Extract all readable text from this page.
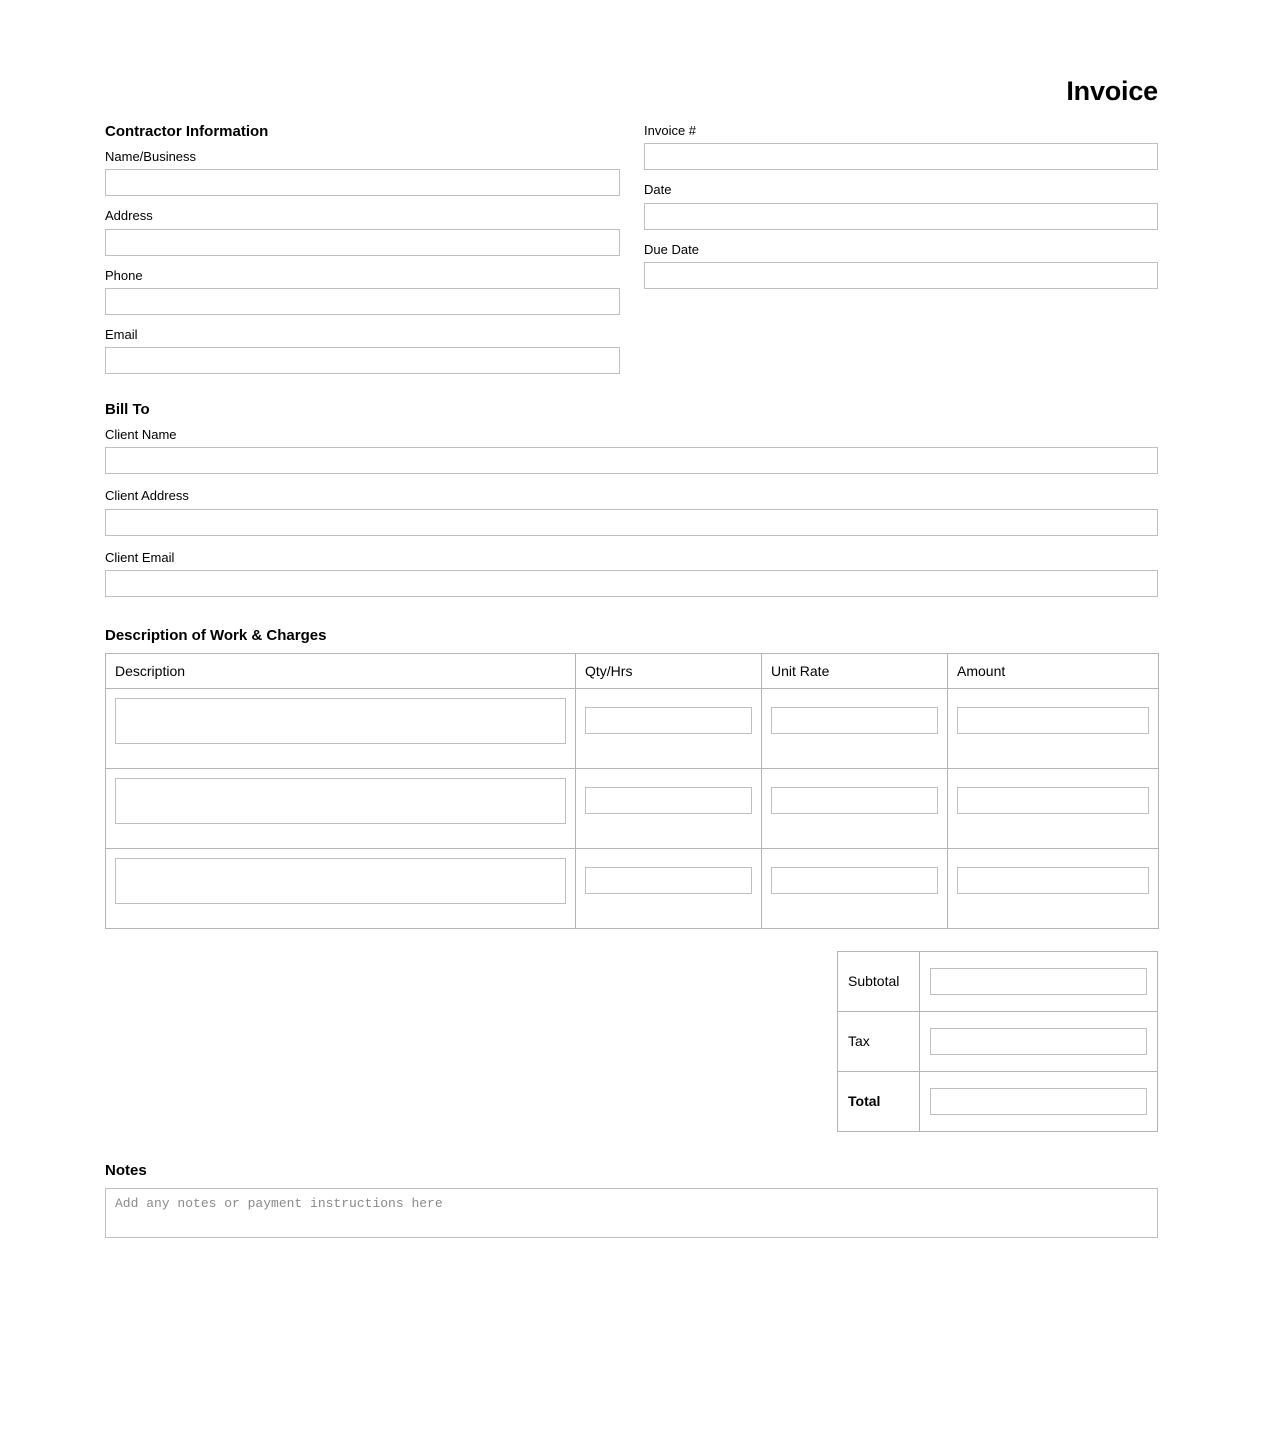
Invoice
Contractor Information
Name/Business
Address
Phone
Email
Invoice #
Date
Due Date
Bill To
Client Name
Client Address
Client Email
Description of Work & Charges
Description	Qty/Hrs	Unit Rate	Amount

Subtotal	

Tax	

Total	
Notes
Add any notes or payment instructions here
